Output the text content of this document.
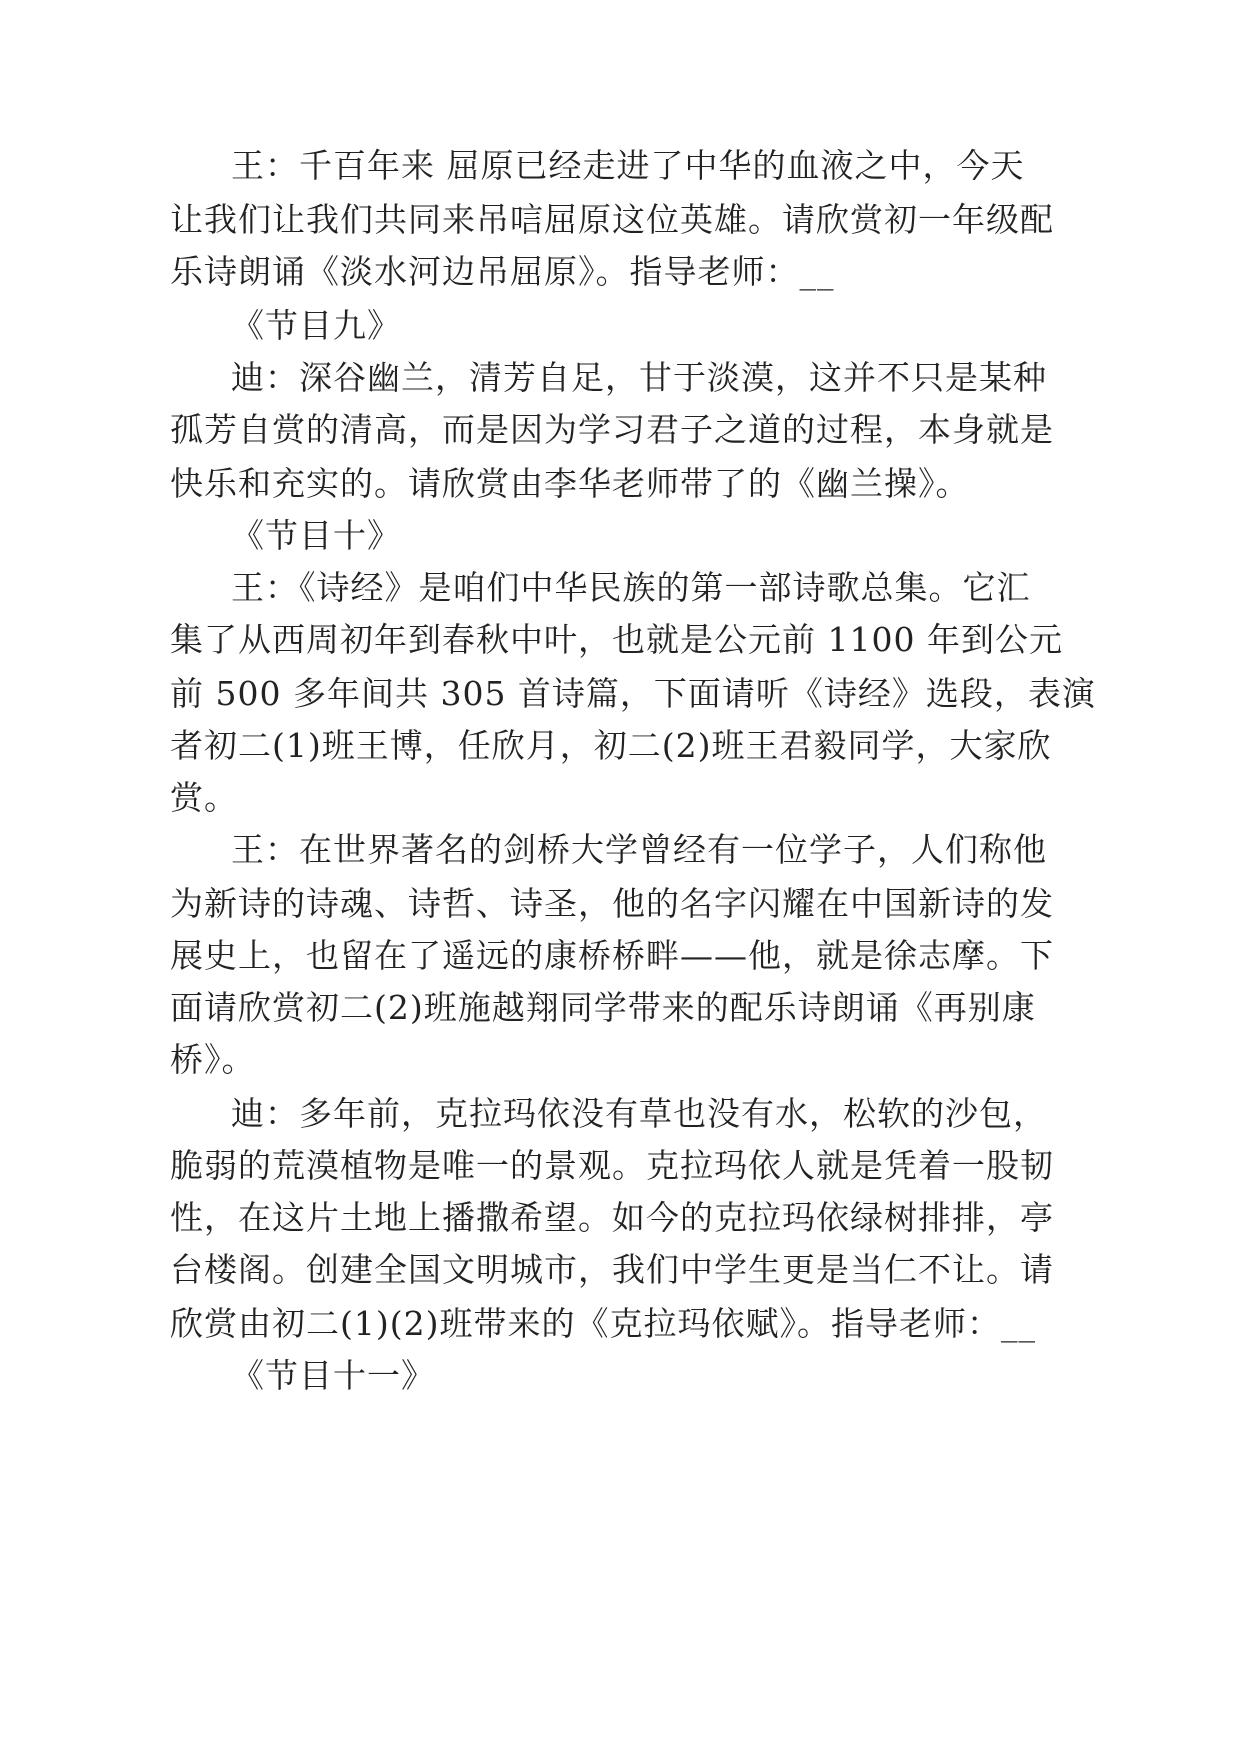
王：千百年来 屈原已经走进了中华的血液之中，今天
让我们让我们共同来吊唁屈原这位英雄。请欣赏初一年级配
乐诗朗诵《淡水河边吊屈原》。指导老师：__
《节目九》
迪：深谷幽兰，清芳自足，甘于淡漠，这并不只是某种
孤芳自赏的清高，而是因为学习君子之道的过程，本身就是
快乐和充实的。请欣赏由李华老师带了的《幽兰操》。
《节目十》
王：《诗经》是咱们中华民族的第一部诗歌总集。它汇
集了从西周初年到春秋中叶，也就是公元前 1100 年到公元
前 500 多年间共 305 首诗篇，下面请听《诗经》选段，表演
者初二(1)班王博，任欣月，初二(2)班王君毅同学，大家欣
赏。
王：在世界著名的剑桥大学曾经有一位学子，人们称他
为新诗的诗魂、诗哲、诗圣，他的名字闪耀在中国新诗的发
展史上，也留在了遥远的康桥桥畔——他，就是徐志摩。下
面请欣赏初二(2)班施越翔同学带来的配乐诗朗诵《再别康
桥》。
迪：多年前，克拉玛依没有草也没有水，松软的沙包，
脆弱的荒漠植物是唯一的景观。克拉玛依人就是凭着一股韧
性，在这片土地上播撒希望。如今的克拉玛依绿树排排，亭
台楼阁。创建全国文明城市，我们中学生更是当仁不让。请
欣赏由初二(1)(2)班带来的《克拉玛依赋》。指导老师：__
《节目十一》
